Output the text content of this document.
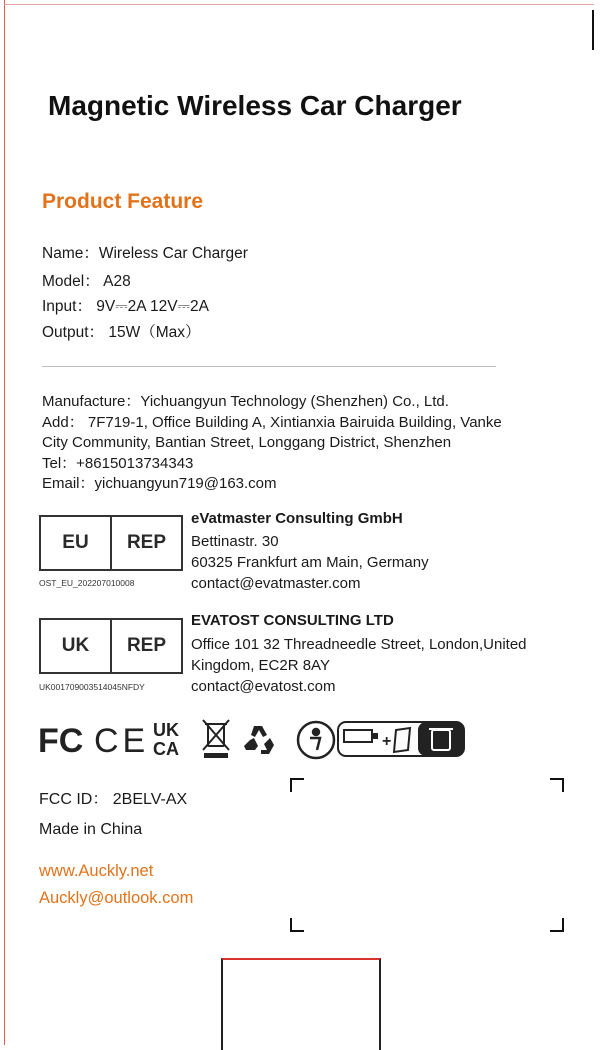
Magnetic Wireless Car Charger
Product Feature
Name：Wireless Car Charger
Model： A28
Input： 9V⎓2A 12V⎓2A
Output： 15W（Max）
Manufacture：Yichuangyun Technology (Shenzhen) Co., Ltd.
Add： 7F719-1, Office Building A, Xintianxia Bairuida Building, Vanke
City Community, Bantian Street, Longgang District, Shenzhen
Tel：+8615013734343
Email：yichuangyun719@163.com
EU	REP
OST_EU_202207010008
eVatmaster Consulting GmbH
Bettinastr. 30
60325 Frankfurt am Main, Germany
contact@evatmaster.com
UK	REP
UK001709003514045NFDY
EVATOST CONSULTING LTD
Office 101 32 Threadneedle Street, London,United
Kingdom, EC2R 8AY
contact@evatost.com
FC CE UK
CA	+
FCC ID： 2BELV-AX
Made in China
www.Auckly.net
Auckly@outlook.com
